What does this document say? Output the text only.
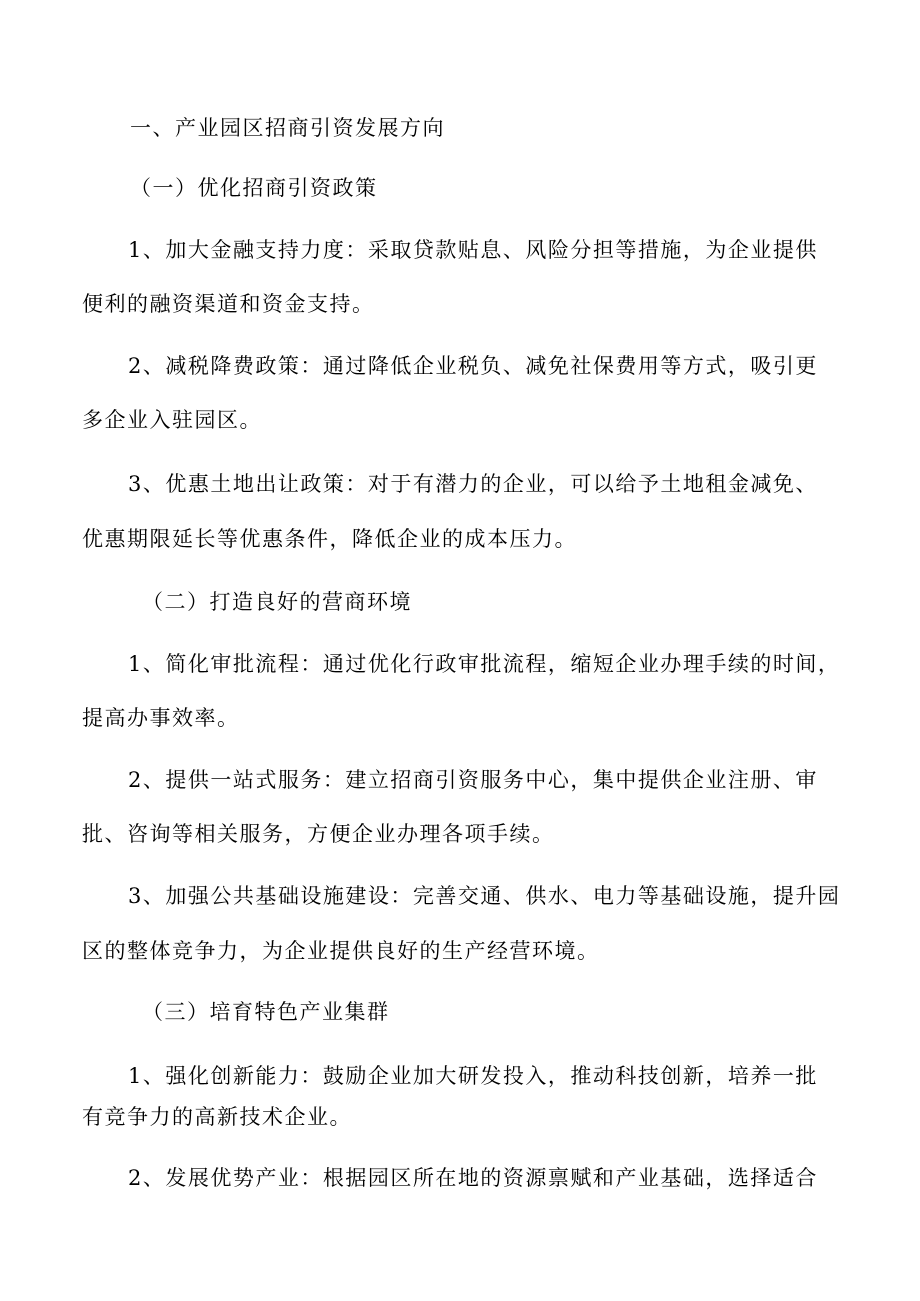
一、产业园区招商引资发展方向

（一）优化招商引资政策

1、加大金融支持力度：采取贷款贴息、风险分担等措施，为企业提供

便利的融资渠道和资金支持。

2、减税降费政策：通过降低企业税负、减免社保费用等方式，吸引更

多企业入驻园区。

3、优惠土地出让政策：对于有潜力的企业，可以给予土地租金减免、

优惠期限延长等优惠条件，降低企业的成本压力。

（二）打造良好的营商环境

1、简化审批流程：通过优化行政审批流程，缩短企业办理手续的时间，

提高办事效率。

2、提供一站式服务：建立招商引资服务中心，集中提供企业注册、审

批、咨询等相关服务，方便企业办理各项手续。

3、加强公共基础设施建设：完善交通、供水、电力等基础设施，提升园

区的整体竞争力，为企业提供良好的生产经营环境。

（三）培育特色产业集群

1、强化创新能力：鼓励企业加大研发投入，推动科技创新，培养一批

有竞争力的高新技术企业。

2、发展优势产业：根据园区所在地的资源禀赋和产业基础，选择适合
